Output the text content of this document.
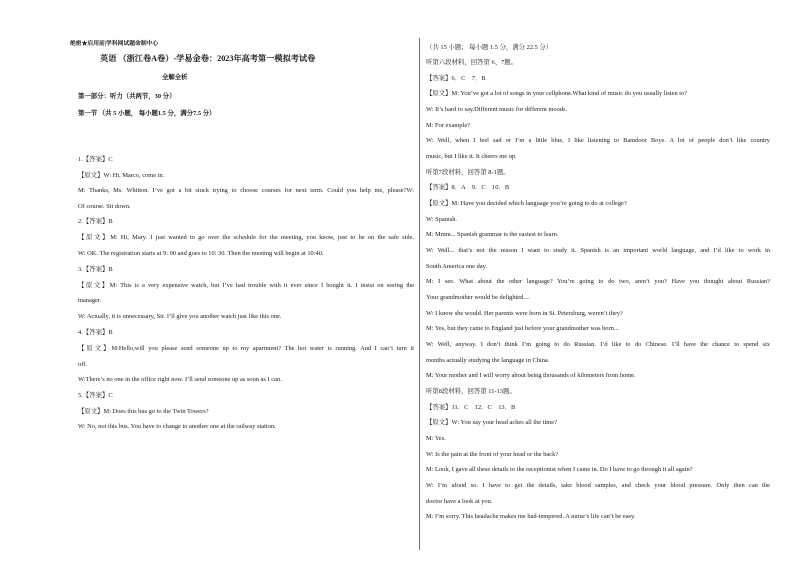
绝密★启用前|学科网试题命制中心
英语 （浙江卷A卷）-学易金卷：2023年高考第一模拟考试卷
全解全析
第一部分：听力（共两节，30 分）
第一节 （共 5 小题， 每小题1.5 分，满分7.5 分）
1.【答案】C
【原文】W: Hi, Marco, come in.
M: Thanks, Ms. Whitton. I’ve got a bit stuck trying to choose courses for next term. Could you help me, please?W:
Of course. Sit down.
2.【答案】B
【原文】M: Hi, Mary. I just wanted to go over the schedule for the meeting, you know, just to be on the safe side.
W: OK. The registration starts at 9: 00 and goes to 10: 30. Then the meeting will begin at 10:40.
3.【答案】B
【原文】M: This is a very expensive watch, but I’ve had trouble with it ever since I bought it. I insist on seeing the
manager.
W: Actually, it is unnecessary, Sir. I’ll give you another watch just like this one.
4.【答案】B
【原文】M:Hello,will you please send someone up to my apartment? The hot water is running. And I can’t turn it
off.
W:There’s no one in the office right now. I’ll send someone up as soon as I can.
5.【答案】C
【原文】M: Does this bus go to the Twin Towers?
W: No, not this bus. You have to change to another one at the railway station.
（共 15 小题； 每小题 1.5 分，满分 22.5 分）
听第六段材料，回答第 6、7题。
【答案】6．C　7．B
【原文】M: You’ve got a lot of songs in your cellphone.What kind of music do you usually listen to?
W: It’s hard to say.Different music for different moods.
M: For example?
W: Well, when I feel sad or I’m a little blue, I like listening to Bamdoor Boys. A lot of people don’t like country
music, but I like it. It cheers me up.
听第7段材料，回答第 8-1题。
【答案】8．A　9．C　10．B
【原文】M: Have you decided which language you’re going to do at college?
W: Spanish.
M: Mmm... Spanish grammar is the easiest to learn.
W: Well... that’s not the reason I want to study it. Spanish is an important world language, and I’d like to work in
South America one day.
M: I see. What about the other language? You’re going to do two, aren’t you? Have you thought about Russian?
Your grandmother would be delighted....
W: I know she would. Her parents were born in St. Petersburg, weren’t they?
M: Yes, but they came to England just before your grandmother was born...
W: Well, anyway. I don’t think I’m going to do Russian. I’d like to do Chinese. I’ll have the chance to spend six
months actually studying the language in China.
M: Your mother and I will worry about being thousands of kilometers from home.
听第8段材料，回答第 11-13题。
【答案】11．C　12．C　13．B
【原文】W: You say your head aches all the time?
M: Yes.
W: Is the pain at the front of your head or the back?
M: Look, I gave all these details to the receptionist when I came in. Do I have to go through it all again?
W: I’m afraid so. I have to get the details, take blood samples, and check your blood pressure. Only then can the
doctor have a look at you.
M: I’m sorry. This headache makes me bad-tempered. A nurse’s life can’t be easy.
